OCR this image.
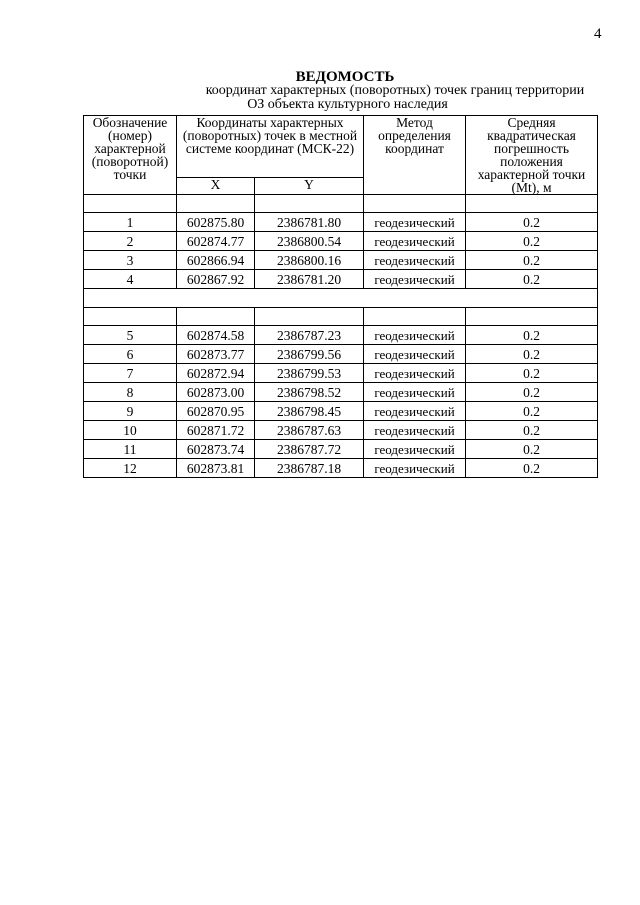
4
ВЕДОМОСТЬ
координат характерных (поворотных) точек границ территории
ОЗ объекта культурного наследия
Обозначение (номер) характерной (поворотной) точки	Координаты характерных (поворотных) точек в местной системе координат (МСК-22)		Метод определения координат	Средняя квадратическая погрешность положения характерной точки (Mt), м
	X	Y		

1	602875.80	2386781.80	геодезический	0.2
2	602874.77	2386800.54	геодезический	0.2
3	602866.94	2386800.16	геодезический	0.2
4	602867.92	2386781.20	геодезический	0.2

5	602874.58	2386787.23	геодезический	0.2
6	602873.77	2386799.56	геодезический	0.2
7	602872.94	2386799.53	геодезический	0.2
8	602873.00	2386798.52	геодезический	0.2
9	602870.95	2386798.45	геодезический	0.2
10	602871.72	2386787.63	геодезический	0.2
11	602873.74	2386787.72	геодезический	0.2
12	602873.81	2386787.18	геодезический	0.2
